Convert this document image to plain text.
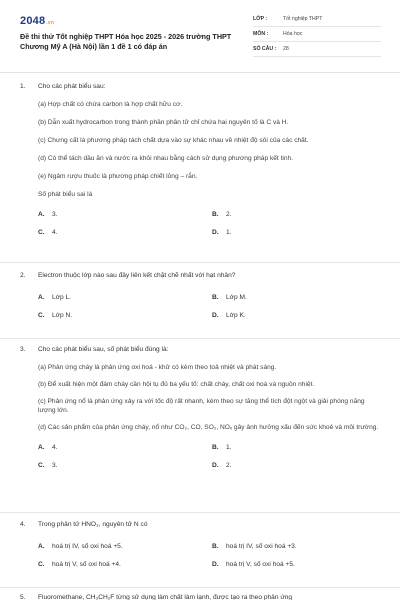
2048.vn
Đề thi thử Tốt nghiệp THPT Hóa học 2025 - 2026 trường THPT Chương Mỹ A (Hà Nội) lần 1 đề 1 có đáp án
LỚP :	Tốt nghiệp THPT
MÔN :	Hóa học
SỐ CÂU :	28
1.	Cho các phát biểu sau:
(a) Hợp chất có chứa carbon là hợp chất hữu cơ.
(b) Dẫn xuất hydrocarbon trong thành phần phân tử chỉ chứa hai nguyên tố là C và H.
(c) Chưng cất là phương pháp tách chất dựa vào sự khác nhau về nhiệt độ sôi của các chất.
(d) Có thể tách dầu ăn và nước ra khỏi nhau bằng cách sử dụng phương pháp kết tinh.
(e) Ngâm rượu thuốc là phương pháp chiết lỏng – rắn.
Số phát biểu sai là
A.	3.	B.	2.
C.	4.	D.	1.
2.	Electron thuộc lớp nào sau đây liên kết chặt chẽ nhất với hạt nhân?
A.	Lớp L.	B.	Lớp M.
C.	Lớp N.	D.	Lớp K.
3.	Cho các phát biểu sau, số phát biểu đúng là:
(a) Phản ứng cháy là phản ứng oxi hoá - khử có kèm theo toả nhiệt và phát sáng.
(b) Để xuất hiện một đám cháy cần hội tụ đủ ba yếu tố: chất cháy, chất oxi hoá và nguồn nhiệt.
(c) Phản ứng nổ là phản ứng xảy ra với tốc độ rất nhanh, kèm theo sự tăng thể tích đột ngột và giải phóng năng lượng lớn.
(d) Các sản phẩm của phản ứng cháy, nổ như CO₂, CO, SO₂, NOₓ gây ảnh hưởng xấu đến sức khoẻ và môi trường.
A.	4.	B.	1.
C.	3.	D.	2.
4.	Trong phân tử HNO₃, nguyên tử N có
A.	hoá trị IV, số oxi hoá +5.	B.	hoá trị IV, số oxi hoá +3.
C.	hoá trị V, số oxi hoá +4.	D.	hoá trị V, số oxi hoá +5.
5.	Fluoromethane, CH₃CH₂F từng sử dụng làm chất làm lạnh, được tạo ra theo phản ứng
